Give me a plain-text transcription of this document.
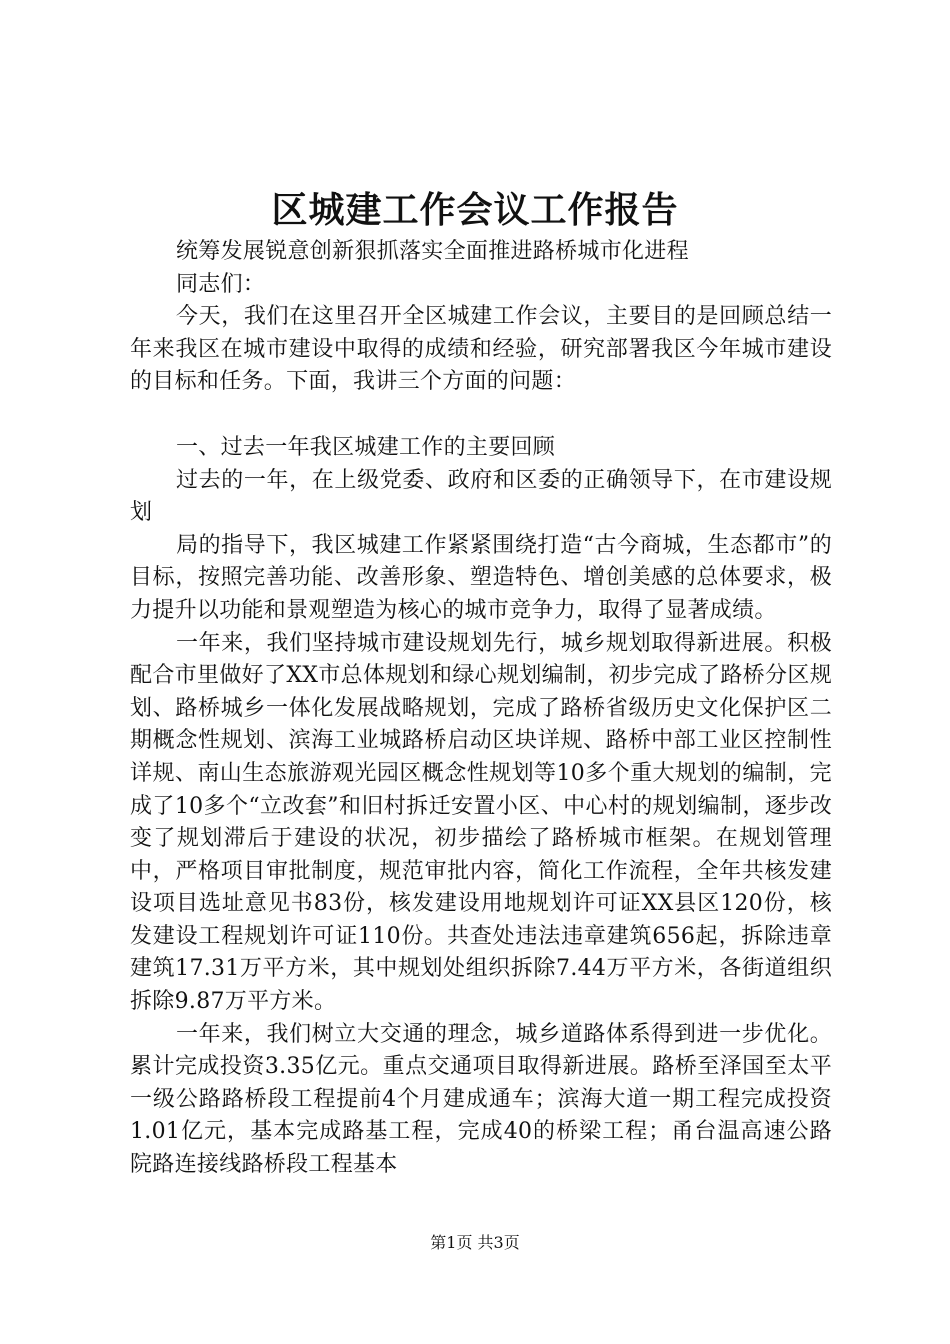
区城建工作会议工作报告

统筹发展锐意创新狠抓落实全面推进路桥城市化进程

同志们：

今天，我们在这里召开全区城建工作会议，主要目的是回顾总结一年来我区在城市建设中取得的成绩和经验，研究部署我区今年城市建设的目标和任务。下面，我讲三个方面的问题：

一、过去一年我区城建工作的主要回顾

过去的一年，在上级党委、政府和区委的正确领导下，在市建设规划

局的指导下，我区城建工作紧紧围绕打造“古今商城，生态都市”的目标，按照完善功能、改善形象、塑造特色、增创美感的总体要求，极力提升以功能和景观塑造为核心的城市竞争力，取得了显著成绩。

一年来，我们坚持城市建设规划先行，城乡规划取得新进展。积极配合市里做好了XX市总体规划和绿心规划编制，初步完成了路桥分区规划、路桥城乡一体化发展战略规划，完成了路桥省级历史文化保护区二期概念性规划、滨海工业城路桥启动区块详规、路桥中部工业区控制性详规、南山生态旅游观光园区概念性规划等10多个重大规划的编制，完成了10多个“立改套”和旧村拆迁安置小区、中心村的规划编制，逐步改变了规划滞后于建设的状况，初步描绘了路桥城市框架。在规划管理中，严格项目审批制度，规范审批内容，简化工作流程，全年共核发建设项目选址意见书83份，核发建设用地规划许可证XX县区120份，核发建设工程规划许可证110份。共查处违法违章建筑656起，拆除违章建筑17.31万平方米，其中规划处组织拆除7.44万平方米，各街道组织拆除9.87万平方米。

一年来，我们树立大交通的理念，城乡道路体系得到进一步优化。累计完成投资3.35亿元。重点交通项目取得新进展。路桥至泽国至太平一级公路路桥段工程提前4个月建成通车；滨海大道一期工程完成投资1.01亿元，基本完成路基工程，完成40的桥梁工程；甬台温高速公路院路连接线路桥段工程基本

第1页 共3页
